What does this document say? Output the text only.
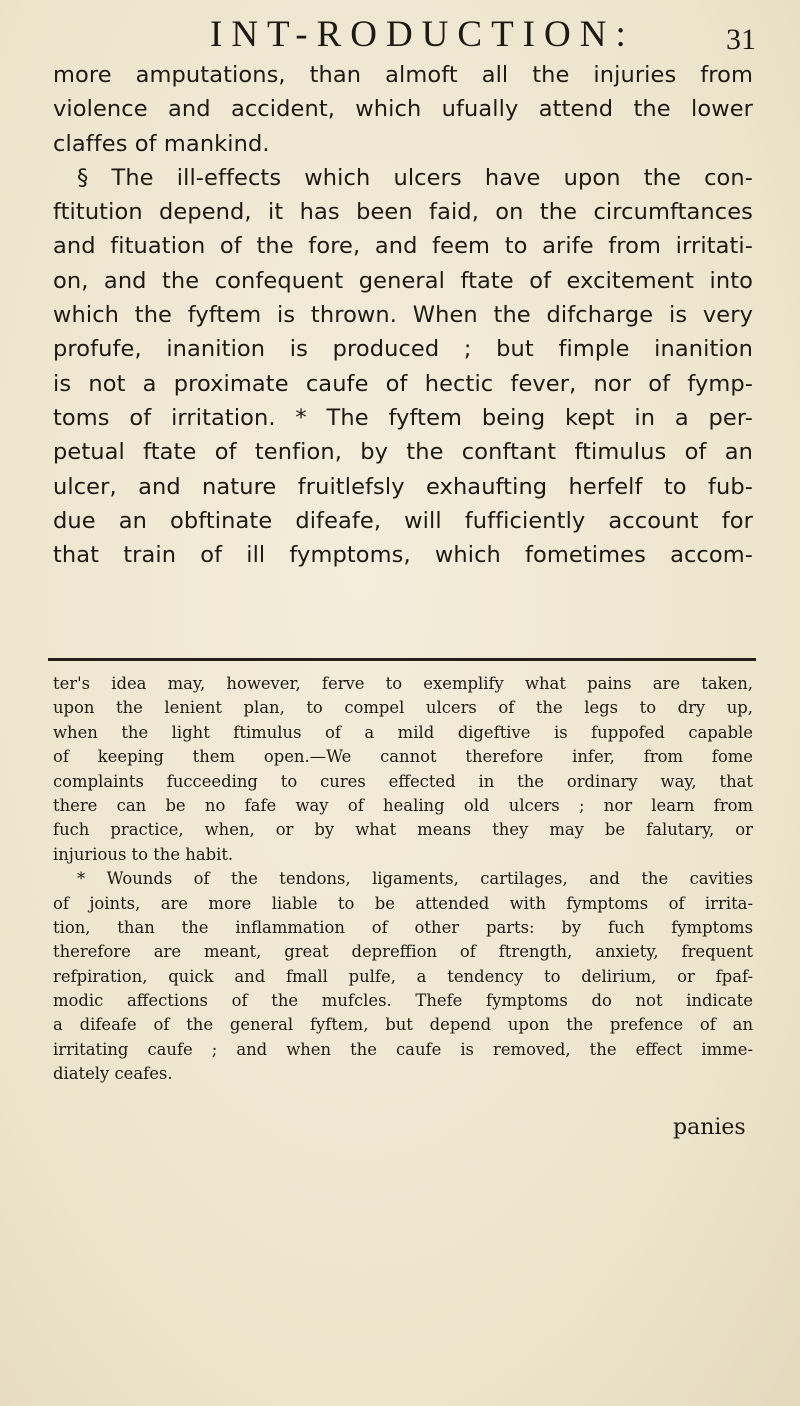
INT-RODUCTION:	31
more amputations, than almoft all the injuries from
violence and accident, which ufually attend the lower
claffes of mankind.
§ The ill-effects which ulcers have upon the con-
ftitution depend, it has been faid, on the circumftances
and fituation of the fore, and feem to arife from irritati-
on, and the confequent general ftate of excitement into
which the fyftem is thrown. When the difcharge is very
profufe, inanition is produced ; but fimple inanition
is not a proximate caufe of hectic fever, nor of fymp-
toms of irritation. * The fyftem being kept in a per-
petual ftate of tenfion, by the conftant ftimulus of an
ulcer, and nature fruitlefsly exhaufting herfelf to fub-
due an obftinate difeafe, will fufficiently account for
that train of ill fymptoms, which fometimes accom-
ter's idea may, however, ferve to exemplify what pains are taken,
upon the lenient plan, to compel ulcers of the legs to dry up,
when the light ftimulus of a mild digeftive is fuppofed capable
of keeping them open.—We cannot therefore infer, from fome
complaints fucceeding to cures effected in the ordinary way, that
there can be no fafe way of healing old ulcers ; nor learn from
fuch practice, when, or by what means they may be falutary, or
injurious to the habit.
* Wounds of the tendons, ligaments, cartilages, and the cavities
of joints, are more liable to be attended with fymptoms of irrita-
tion, than the inflammation of other parts: by fuch fymptoms
therefore are meant, great depreffion of ftrength, anxiety, frequent
refpiration, quick and fmall pulfe, a tendency to delirium, or fpaf-
modic affections of the mufcles. Thefe fymptoms do not indicate
a difeafe of the general fyftem, but depend upon the prefence of an
irritating caufe ; and when the caufe is removed, the effect imme-
diately ceafes.
panies
